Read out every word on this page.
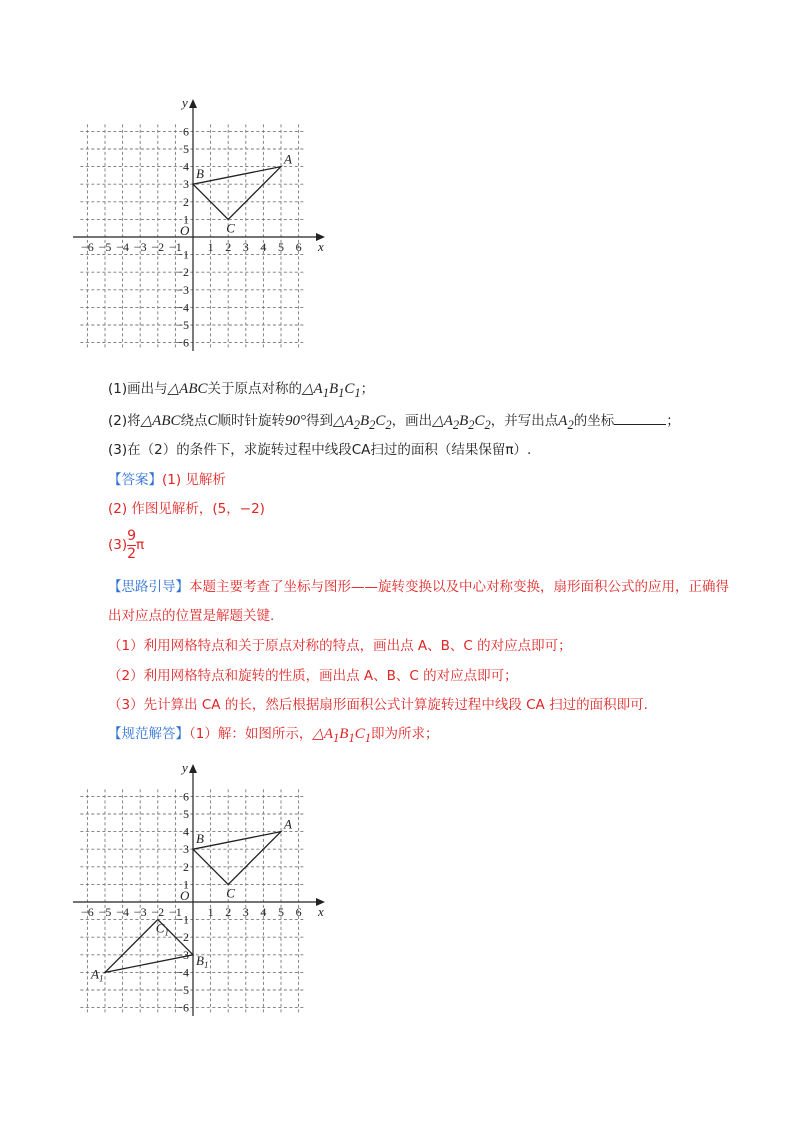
x
y
O
−6 −5 −4 −3 −2 −1 1 2 3 4 5 6
−6
−5
−4
−3
−2
−1
1
2
3
4
5
6
A
B
C
(1)画出与△ABC关于原点对称的$\triangle A_1B_1C_1$；
(2)将△ABC绕点C顺时针旋转90°得到$\triangle A_2B_2C_2$，画出$\triangle A_2B_2C_2$，并写出点$A_2$的坐标	；
(3)在（2）的条件下，求旋转过程中线段CA扫过的面积（结果保留π）.
【答案】(1) 见解析
(2) 作图见解析，(5，−2)
$(3) \frac{9}{2}$ π
【思路引导】本题主要考查了坐标与图形——旋转变换以及中心对称变换，扇形面积公式的应用，正确得
出对应点的位置是解题关键.
（1）利用网格特点和关于原点对称的特点，画出点 A、B、C 的对应点即可；
（2）利用网格特点和旋转的性质，画出点 A、B、C 的对应点即可；
（3）先计算出 CA 的长，然后根据扇形面积公式计算旋转过程中线段 CA 扫过的面积即可.
【规范解答】（1）解：如图所示，$\triangle A_1B_1C_1$即为所求；
x
y
O
−6 −5 −4 −3 −2 −1 1 2 3 4 5 6
−6
−5
−4
−3
−2
−1
1
2
3
4
5
6
A
B
C
$A_1$
$B_1$
$C_1$
